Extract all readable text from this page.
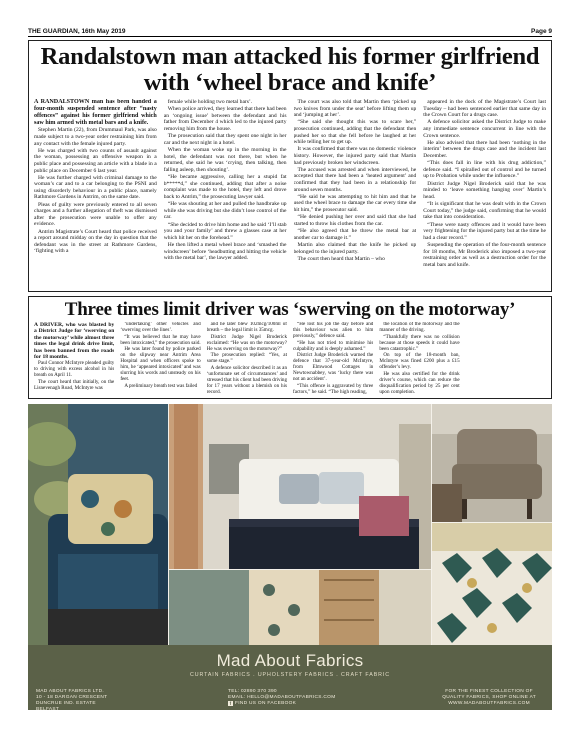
THE GUARDIAN, 16th May 2019	Page 9
Randalstown man attacked his former girlfriend with ‘wheel brace and knife’

A RANDALSTOWN man has been handed a four-month suspended sentence after “nasty offences” against his former girlfriend which saw him armed with metal bars and a knife.

Stephen Martin (22), from Drummaul Park, was also made subject to a two-year order restraining him from any contact with the female injured party.

He was charged with two counts of assault against the woman, possessing an offensive weapon in a public place and possessing an article with a blade in a public place on December 6 last year.

He was further charged with criminal damage to the woman’s car and to a car belonging to the PSNI and using disorderly behaviour in a public place, namely Rathmore Gardens in Antrim, on the same date.

Pleas of guilty were previously entered to all seven charges and a further allegation of theft was dismissed after the prosecution were unable to offer any evidence.

Antrim Magistrate’s Court heard that police received a report around midday on the day in question that the defendant was in the street at Rathmore Gardens, ‘fighting with a

female while holding two metal bars’.

When police arrived, they learned that there had been an ‘ongoing issue’ between the defendant and his father from December 4 which led to the injured party removing him from the house.

The prosecution said that they spent one night in her car and the next night in a hotel.

When the woman woke up in the morning in the hotel, the defendant was not there, but when he returned, she said he was ‘crying, then talking, then falling asleep, then shouting’.

“He became aggressive, calling her a stupid fat b*****d,” she continued, adding that after a noise complaint was made to the hotel, they left and drove back to Antrim,” the prosecuting lawyer said.

“He was shouting at her and pulled the handbrake up while she was driving but she didn’t lose control of the car.

“She decided to drive him home and he said ‘I’ll stab you and your family’ and threw a glasses case at her which hit her on the forehead.”

He then lifted a metal wheel brace and ‘smashed the windscreen’ before ‘headbutting and hitting the vehicle with the metal bar’, the lawyer added.

The court was also told that Martin then ‘picked up two knives from under the seat’ before lifting them up and ‘jumping at her’.

“She said she thought this was to scare her,” prosecution continued, adding that the defendant then pushed her so that she fell before he laughed at her while telling her to get up.

It was confirmed that there was no domestic violence history. However, the injured party said that Martin had previously broken her windscreen.

The accused was arrested and when interviewed, he accepted that there had been a ‘heated argument’ and confirmed that they had been in a relationship for around seven months.

“He said he was attempting to hit him and that he used the wheel brace to damage the car every time she hit him,” the prosecutor said.

“He denied pushing her over and said that she had started to throw his clothes from the car.

“He also agreed that he threw the metal bar at another car to damage it.”

Martin also claimed that the knife he picked up belonged to the injured party.

The court then heard that Martin – who

appeared in the dock of the Magistrate’s Court last Tuesday – had been sentenced earlier that same day in the Crown Court for a drugs case.

A defence solicitor asked the District Judge to make any immediate sentence concurrent in line with the Crown sentence.

He also advised that there had been ‘nothing in the interim’ between the drugs case and the incident last December.

“This does fall in line with his drug addiction,” defence said. “I spiralled out of control and he turned up to Probation while under the influence.”

District Judge Nigel Broderick said that he was minded to ‘leave something hanging over’ Martin’s head.

“It is significant that he was dealt with in the Crown Court today,” the judge said, confirming that he would take that into consideration.

“These were nasty offences and it would have been very frightening for the injured party but at the time he had a clear record.”

Suspending the operation of the four-month sentence for 18 months, Mr Broderick also imposed a two-year restraining order as well as a destruction order for the metal bars and knife.

Three times limit driver was ‘swerving on the motorway’

A DRIVER, who was blasted by a District Judge for ‘swerving on the motorway’ while almost three times the legal drink drive limit, has been banned from the roads for 18 months.

Paul Connor McIntyre pleaded guilty to driving with excess alcohol in his breath on April 11.

The court heard that initially, on the Lisnevenagh Road, McIntyre was

‘undertaking’ other vehicles and ‘swerving over the lines’.

“It was believed that he may have been intoxicated,” the prosecution said.

He was later found by police parked on the slipway near Antrim Area Hospital and when officers spoke to him, he ‘appeared intoxicated’ and was slurring his words and unsteady on his feet.

A preliminary breath test was failed

and he later blew 102mcg/100ml of breath – the legal limit is 35mcg.

District Judge Nigel Broderick exclaimed: “He was on the motorway? He was swerving on the motorway?”

The prosecution replied: “Yes, at some stage.”

A defence solicitor described it as an ‘unfortunate set of circumstances’ and stressed that his client had been driving for 17 years without a blemish on his record.

“He lost his job the day before and this behaviour was alien to him previously,” defence said.

“He has not tried to minimise his culpability and is deeply ashamed.”

District Judge Broderick warned the defence that 37-year-old McIntyre, from Elmwood Cottages in Newtownabbey, was ‘lucky there was not an accident’.

“This offence is aggravated by three factors,” he said. “The high reading,

the location of the motorway and the manner of the driving.

“Thankfully there was no collision because at those speeds it could have been catastrophic.”

On top of the 18-month ban, McIntyre was fined £200 plus a £15 offender’s levy.

He was also certified for the drink driver’s course, which can reduce the disqualification period by 25 per cent upon completion.

Mad About Fabrics
CURTAIN FABRICS . UPHOLSTERY FABRICS . CRAFT FABRIC
MAD ABOUT FABRICS LTD.
10 - 18 DARGAN CRESCENT
DUNCRUE IND. ESTATE
BELFAST
TEL: 02890 370 390
EMAIL: HELLO@MADABOUTFABRICS.COM
f FIND US ON FACEBOOK
FOR THE FINEST COLLECTION OF
QUALITY FABRICS, SHOP ONLINE AT
WWW.MADABOUTFABRICS.COM
